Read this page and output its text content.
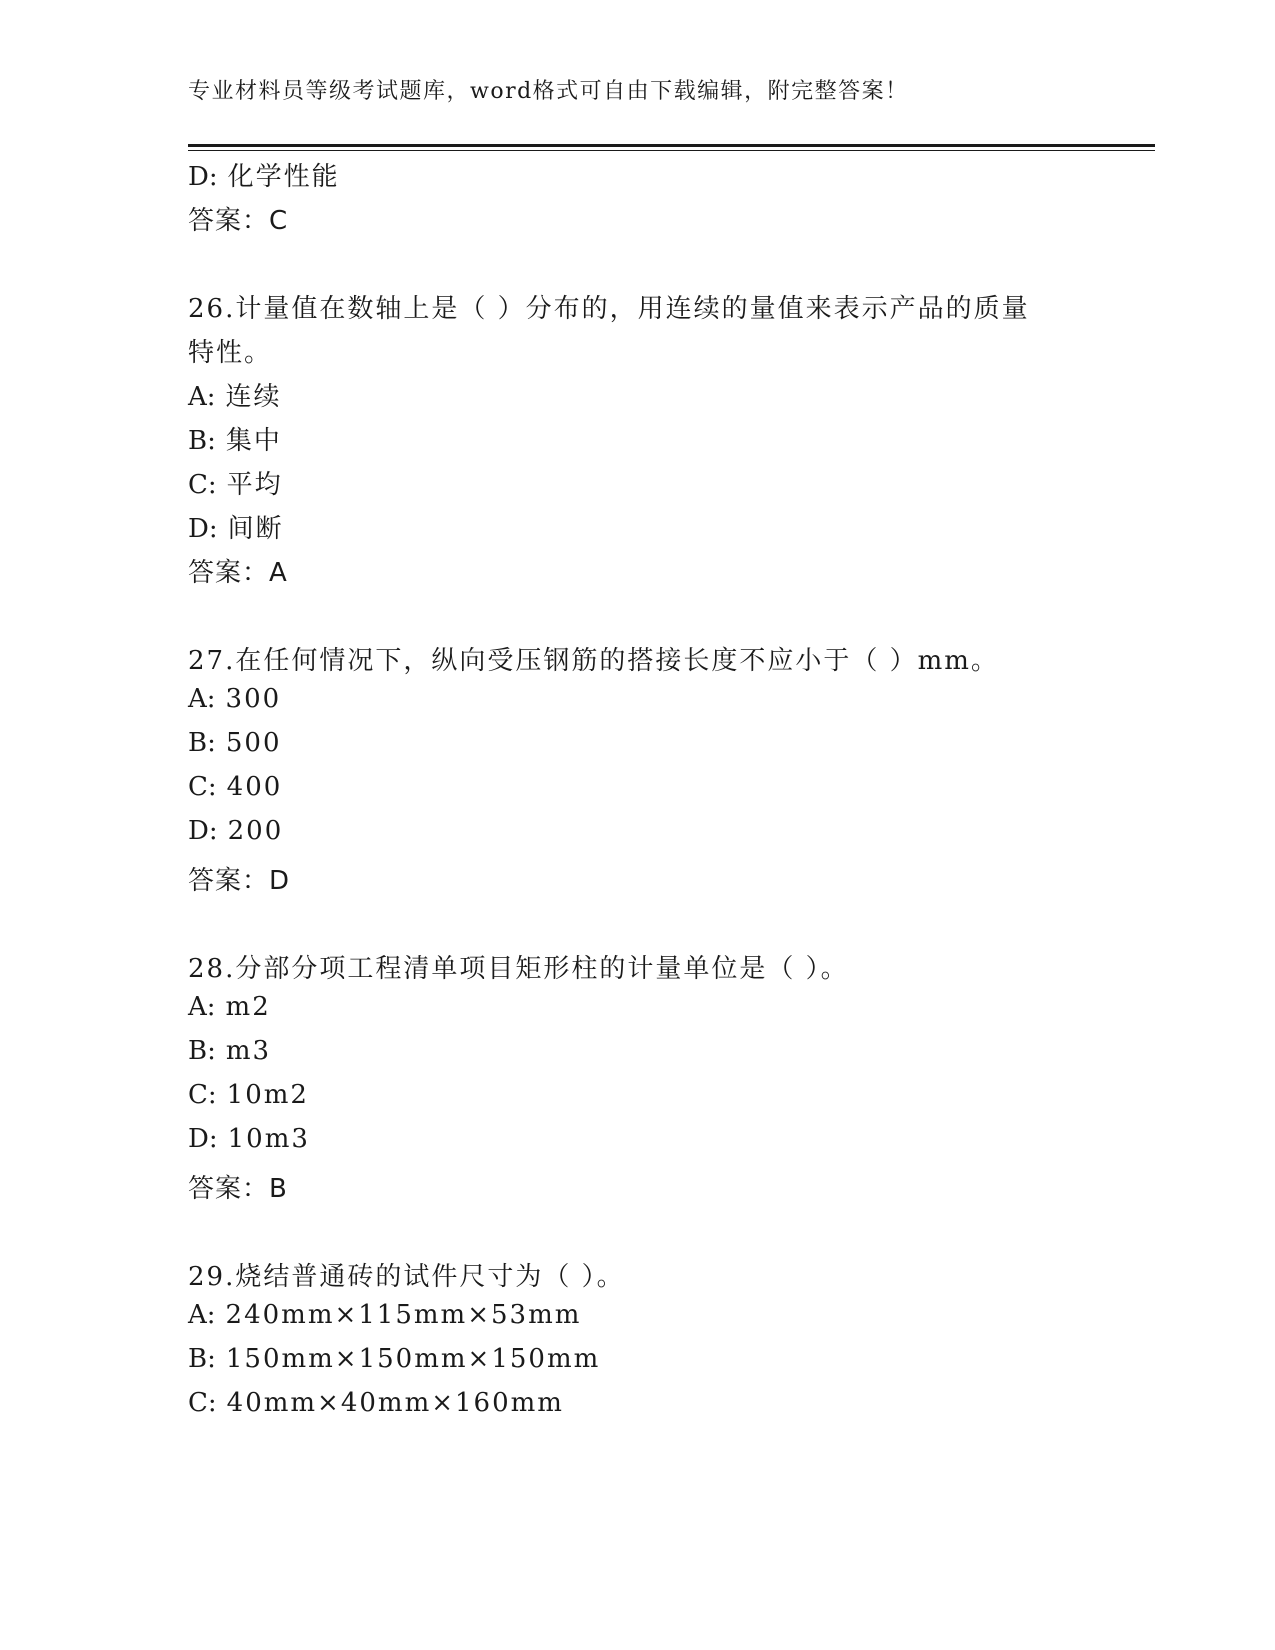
专业材料员等级考试题库，word格式可自由下载编辑，附完整答案！
D: 化学性能
答案：C
26.计量值在数轴上是（ ）分布的，用连续的量值来表示产品的质量
特性。
A: 连续
B: 集中
C: 平均
D: 间断
答案：A
27.在任何情况下，纵向受压钢筋的搭接长度不应小于（ ）mm。
A: 300
B: 500
C: 400
D: 200
答案：D
28.分部分项工程清单项目矩形柱的计量单位是（ ）。
A: m2
B: m3
C: 10m2
D: 10m3
答案：B
29.烧结普通砖的试件尺寸为（ ）。
A: 240mm×115mm×53mm
B: 150mm×150mm×150mm
C: 40mm×40mm×160mm
